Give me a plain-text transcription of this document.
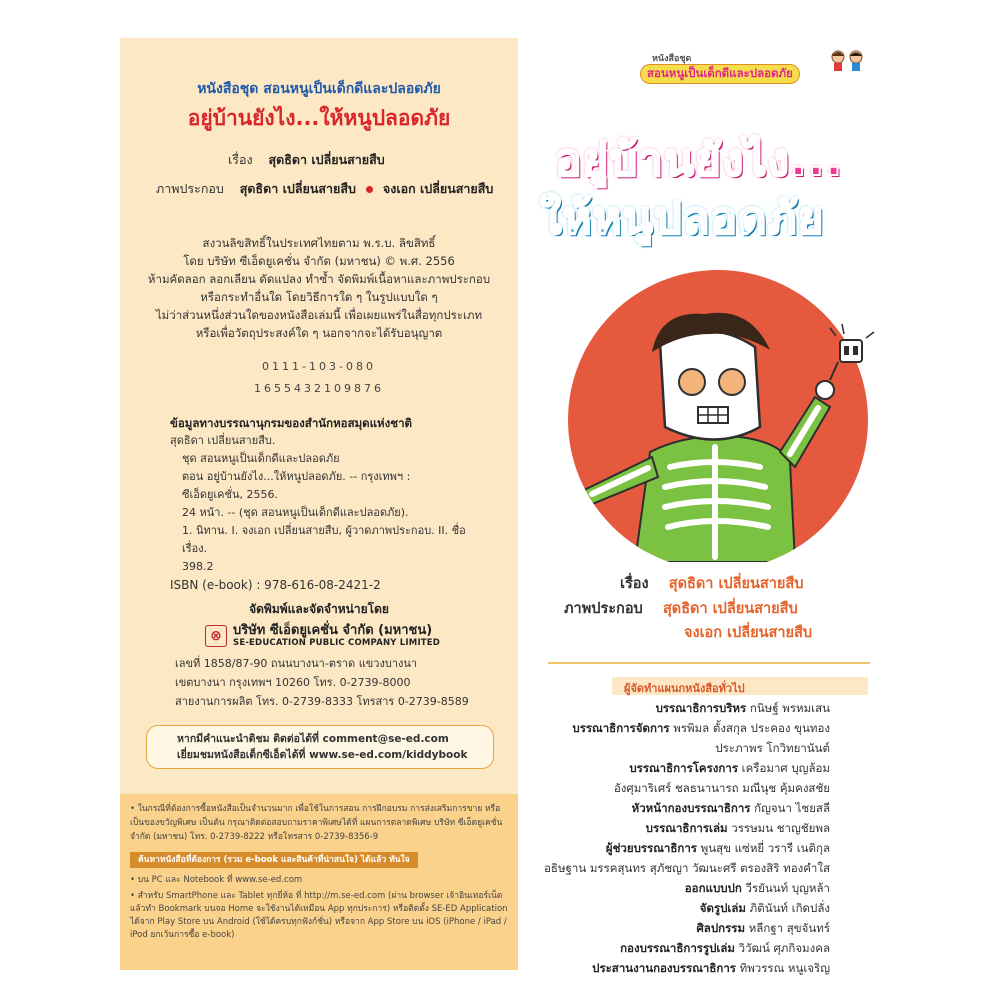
หนังสือชุด สอนหนูเป็นเด็กดีและปลอดภัย
อยู่บ้านยังไง...ให้หนูปลอดภัย
เรื่อง สุดธิดา เปลี่ยนสายสืบ
ภาพประกอบ สุดธิดา เปลี่ยนสายสืบ จงเอก เปลี่ยนสายสืบ
สงวนลิขสิทธิ์ในประเทศไทยตาม พ.ร.บ. ลิขสิทธิ์
โดย บริษัท ซีเอ็ดยูเคชั่น จำกัด (มหาชน) © พ.ศ. 2556
ห้ามคัดลอก ลอกเลียน ดัดแปลง ทำซ้ำ จัดพิมพ์เนื้อหาและภาพประกอบ
หรือกระทำอื่นใด โดยวิธีการใด ๆ ในรูปแบบใด ๆ
ไม่ว่าส่วนหนึ่งส่วนใดของหนังสือเล่มนี้ เพื่อเผยแพร่ในสื่อทุกประเภท
หรือเพื่อวัตถุประสงค์ใด ๆ นอกจากจะได้รับอนุญาต
0111-103-080
1655432109876
ข้อมูลทางบรรณานุกรมของสำนักหอสมุดแห่งชาติ
สุดธิดา เปลี่ยนสายสืบ.
ชุด สอนหนูเป็นเด็กดีและปลอดภัย
ตอน อยู่บ้านยังไง...ให้หนูปลอดภัย. -- กรุงเทพฯ :
ซีเอ็ดยูเคชั่น, 2556.
24 หน้า. -- (ชุด สอนหนูเป็นเด็กดีและปลอดภัย).
1. นิทาน. I. จงเอก เปลี่ยนสายสืบ, ผู้วาดภาพประกอบ. II. ชื่อเรื่อง.
398.2
ISBN (e-book) : 978-616-08-2421-2
จัดพิมพ์และจัดจำหน่ายโดย
⊗ บริษัท ซีเอ็ดยูเคชั่น จำกัด (มหาชน)
SE-EDUCATION PUBLIC COMPANY LIMITED
เลขที่ 1858/87-90 ถนนบางนา-ตราด แขวงบางนา
เขตบางนา กรุงเทพฯ 10260 โทร. 0-2739-8000
สายงานการผลิต โทร. 0-2739-8333 โทรสาร 0-2739-8589
หากมีคำแนะนำติชม ติดต่อได้ที่ comment@se-ed.com
เยี่ยมชมหนังสือเด็กซีเอ็ดได้ที่ www.se-ed.com/kiddybook
• ในกรณีที่ต้องการซื้อหนังสือเป็นจำนวนมาก เพื่อใช้ในการสอน การฝึกอบรม การส่งเสริมการขาย หรือเป็นของขวัญพิเศษ เป็นต้น กรุณาติดต่อสอบถามราคาพิเศษได้ที่ แผนการตลาดพิเศษ บริษัท ซีเอ็ดยูเคชั่น จำกัด (มหาชน) โทร. 0-2739-8222 หรือโทรสาร 0-2739-8356-9
ค้นหาหนังสือที่ต้องการ (รวม e-book และสินค้าที่น่าสนใจ) ได้แล้ว ทันใจ
• บน PC และ Notebook ที่ www.se-ed.com
• สำหรับ SmartPhone และ Tablet ทุกยี่ห้อ ที่ http://m.se-ed.com (ผ่าน browser เจ้าอินเทอร์เน็ตแล้วทำ Bookmark บนจอ Home จะใช้งานได้เหมือน App ทุกประการ) หรือติดตั้ง SE-ED Application ได้จาก Play Store บน Android (ใช้ได้ครบทุกฟังก์ชั่น) หรือจาก App Store บน iOS (iPhone / iPad / iPod ยกเว้นการซื้อ e-book)
หนังสือชุด
สอนหนูเป็นเด็กดีและปลอดภัย
อยู่บ้านยังไง...
ให้หนูปลอดภัย
เรื่อง สุดธิดา เปลี่ยนสายสืบ
ภาพประกอบ สุดธิดา เปลี่ยนสายสืบ
จงเอก เปลี่ยนสายสืบ
ผู้จัดทำแผนกหนังสือทั่วไป
บรรณาธิการบริหร กนิษฐ์ พรหมเสน
บรรณาธิการจัดการ พรพิมล ตั้งสกุล ประคอง ขุนทอง
ประภาพร โกวิทยานันต์
บรรณาธิการโครงการ เครือมาศ บุญล้อม
อังศุมาริเศร์ ชลธนานารถ มณีนุช คุ้มคงสชัย
หัวหน้ากองบรรณาธิการ กัญจนา ไชยสลี
บรรณาธิการเล่ม วรรษมน ชาญชัยพล
ผู้ช่วยบรรณาธิการ พูนสุข แซ่หยี่ วรารี เนติกุล
อธิษฐาน มรรคสุนทร สุภัชญา วัฒนะศรี ตรองสิริ ทองคำใส
ออกแบบปก วีรยันนท์ บุญหล้า
จัดรูปเล่ม ภิตินันท์ เกิดปลั่ง
ศิลปกรรม หลีกฐา สุขจันทร์
กองบรรณาธิการรูปเล่ม วิวัฒน์ ศุภกิจมงคล
ประสานงานกองบรรณาธิการ ทิพวรรณ หนูเจริญ
